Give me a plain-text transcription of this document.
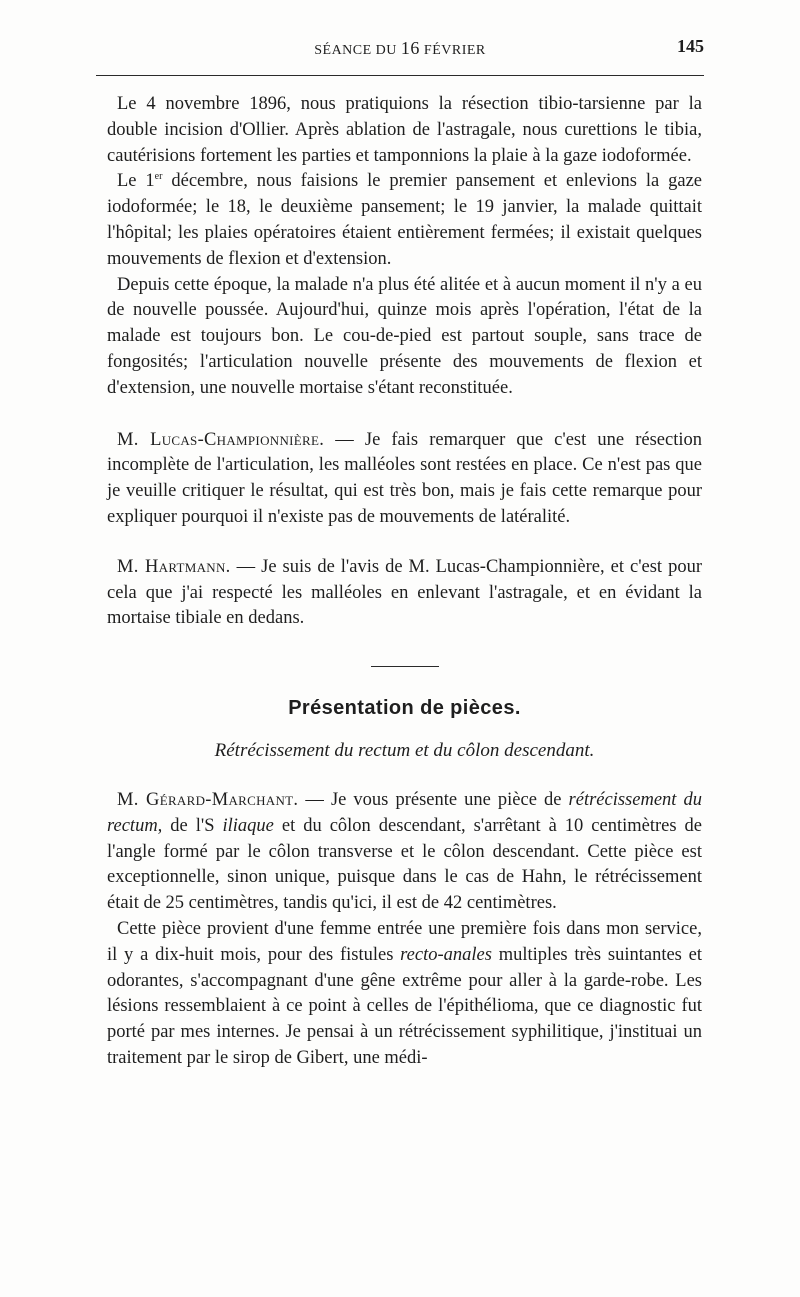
SÉANCE DU 16 FÉVRIER	145

Le 4 novembre 1896, nous pratiquions la résection tibio-tarsienne par la double incision d'Ollier. Après ablation de l'astragale, nous curettions le tibia, cautérisions fortement les parties et tamponnions la plaie à la gaze iodoformée.

Le 1er décembre, nous faisions le premier pansement et enlevions la gaze iodoformée; le 18, le deuxième pansement; le 19 janvier, la malade quittait l'hôpital; les plaies opératoires étaient entièrement fermées; il existait quelques mouvements de flexion et d'extension.

Depuis cette époque, la malade n'a plus été alitée et à aucun moment il n'y a eu de nouvelle poussée. Aujourd'hui, quinze mois après l'opération, l'état de la malade est toujours bon. Le cou-de-pied est partout souple, sans trace de fongosités; l'articulation nouvelle présente des mouvements de flexion et d'extension, une nouvelle mortaise s'étant reconstituée.

M. Lucas-Championnière. — Je fais remarquer que c'est une résection incomplète de l'articulation, les malléoles sont restées en place. Ce n'est pas que je veuille critiquer le résultat, qui est très bon, mais je fais cette remarque pour expliquer pourquoi il n'existe pas de mouvements de latéralité.

M. Hartmann. — Je suis de l'avis de M. Lucas-Championnière, et c'est pour cela que j'ai respecté les malléoles en enlevant l'astragale, et en évidant la mortaise tibiale en dedans.

Présentation de pièces.

Rétrécissement du rectum et du côlon descendant.

M. Gérard-Marchant. — Je vous présente une pièce de rétrécissement du rectum, de l'S iliaque et du côlon descendant, s'arrêtant à 10 centimètres de l'angle formé par le côlon transverse et le côlon descendant. Cette pièce est exceptionnelle, sinon unique, puisque dans le cas de Hahn, le rétrécissement était de 25 centimètres, tandis qu'ici, il est de 42 centimètres.

Cette pièce provient d'une femme entrée une première fois dans mon service, il y a dix-huit mois, pour des fistules recto-anales multiples très suintantes et odorantes, s'accompagnant d'une gêne extrême pour aller à la garde-robe. Les lésions ressemblaient à ce point à celles de l'épithélioma, que ce diagnostic fut porté par mes internes. Je pensai à un rétrécissement syphilitique, j'instituai un traitement par le sirop de Gibert, une médi-
